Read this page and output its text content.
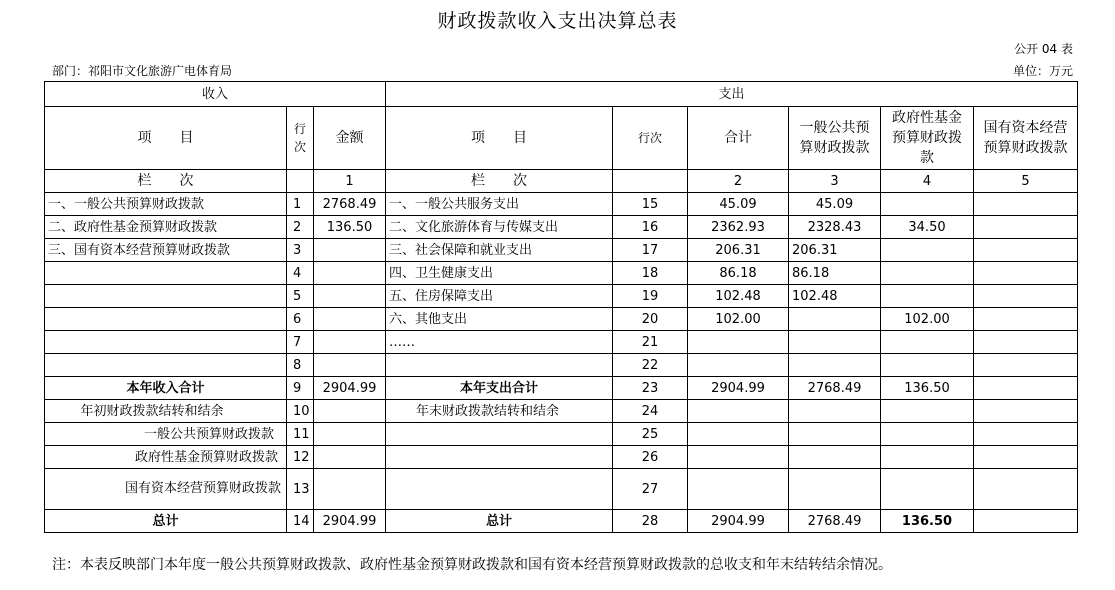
财政拨款收入支出决算总表
公开 04 表
部门：祁阳市文化旅游广电体育局	单位：万元
收入			支出					
项　　目	行次	金额	项　　目	行次	合计	一般公共预算财政拨款	政府性基金预算财政拨款	国有资本经营预算财政拨款
栏　　次		1	栏　　次		2	3	4	5
一、一般公共预算财政拨款	1	2768.49	一、一般公共服务支出	15	45.09	45.09		
二、政府性基金预算财政拨款	2	136.50	二、文化旅游体育与传媒支出	16	2362.93	2328.43	34.50	
三、国有资本经营预算财政拨款	3		三、社会保障和就业支出	17	206.31	206.31		
	4		四、卫生健康支出	18	86.18	86.18		
	5		五、住房保障支出	19	102.48	102.48		
	6		六、其他支出	20	102.00		102.00	
	7		……	21				
	8			22				
本年收入合计	9	2904.99	本年支出合计	23	2904.99	2768.49	136.50	
年初财政拨款结转和结余	10		年末财政拨款结转和结余	24				
一般公共预算财政拨款	11			25				
政府性基金预算财政拨款	12			26				
国有资本经营预算财政拨款	13			27				
总计	14	2904.99	总计	28	2904.99	2768.49	136.50	
注：本表反映部门本年度一般公共预算财政拨款、政府性基金预算财政拨款和国有资本经营预算财政拨款的总收支和年末结转结余情况。
